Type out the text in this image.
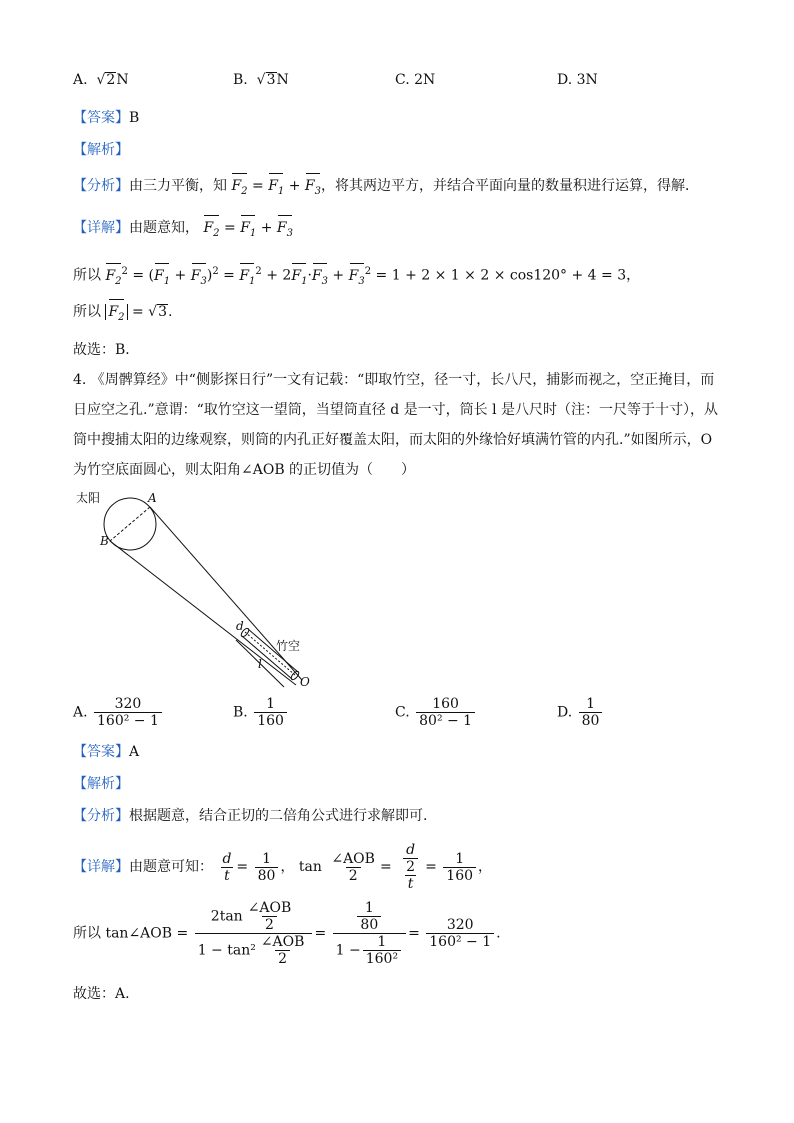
A.  √2N	B.  √3N	C. 2N	D. 3N
【答案】B
【解析】
【分析】由三力平衡，知 $F_2 = F_1 + F_3$，将其两边平方，并结合平面向量的数量积进行运算，得解．
【详解】由题意知， $F_2 = F_1 + F_3$
所以 $F_2^2 = (F_1 + F_3)^2 = F_1^2 + 2F_1\cdot F_3 + F_3^2 = 1 + 2 \times 1 \times 2 \times \cos 120^\circ + 4 = 3$，
所以 $F_2 = √3$.
故选：B．
4. 《周髀算经》中“侧影探日行”一文有记载：“即取竹空，径一寸，长八尺，捕影而视之，空正掩目，而
日应空之孔.”意谓：“取竹空这一望筒，当望筒直径 d 是一寸，筒长 l 是八尺时（注：一尺等于十寸），从
筒中搜捕太阳的边缘观察，则筒的内孔正好覆盖太阳，而太阳的外缘恰好填满竹管的内孔.”如图所示，O
为竹空底面圆心，则太阳角∠AOB 的正切值为（　　）
太阳	A
B
d
竹空
l
O
A. $\frac{320}{\text{160² − 1}}$	B. $\frac{1}{160}$	C. $\frac{160}{\text{80² − 1}}$	D. $\frac{1}{80}$
【答案】A
【解析】
【分析】根据题意，结合正切的二倍角公式进行求解即可.
【详解】由题意可知： $\frac{d}{t} = \frac{1}{80}$ ， $\tan \frac{\text{∠AOB}}{2} = \frac{\frac{d}{2}}{t} = \frac{1}{160}$ ，
所以 tan∠AOB = $\frac{2\tan \frac{\text{∠AOB}}{2}}{1 - \tan^2 \frac{\text{∠AOB}}{2}} = \frac{\frac{1}{80}}{1 - \frac{1}{\text{160²}}} = \frac{320}{\text{160² − 1}}$ .
故选：A.
